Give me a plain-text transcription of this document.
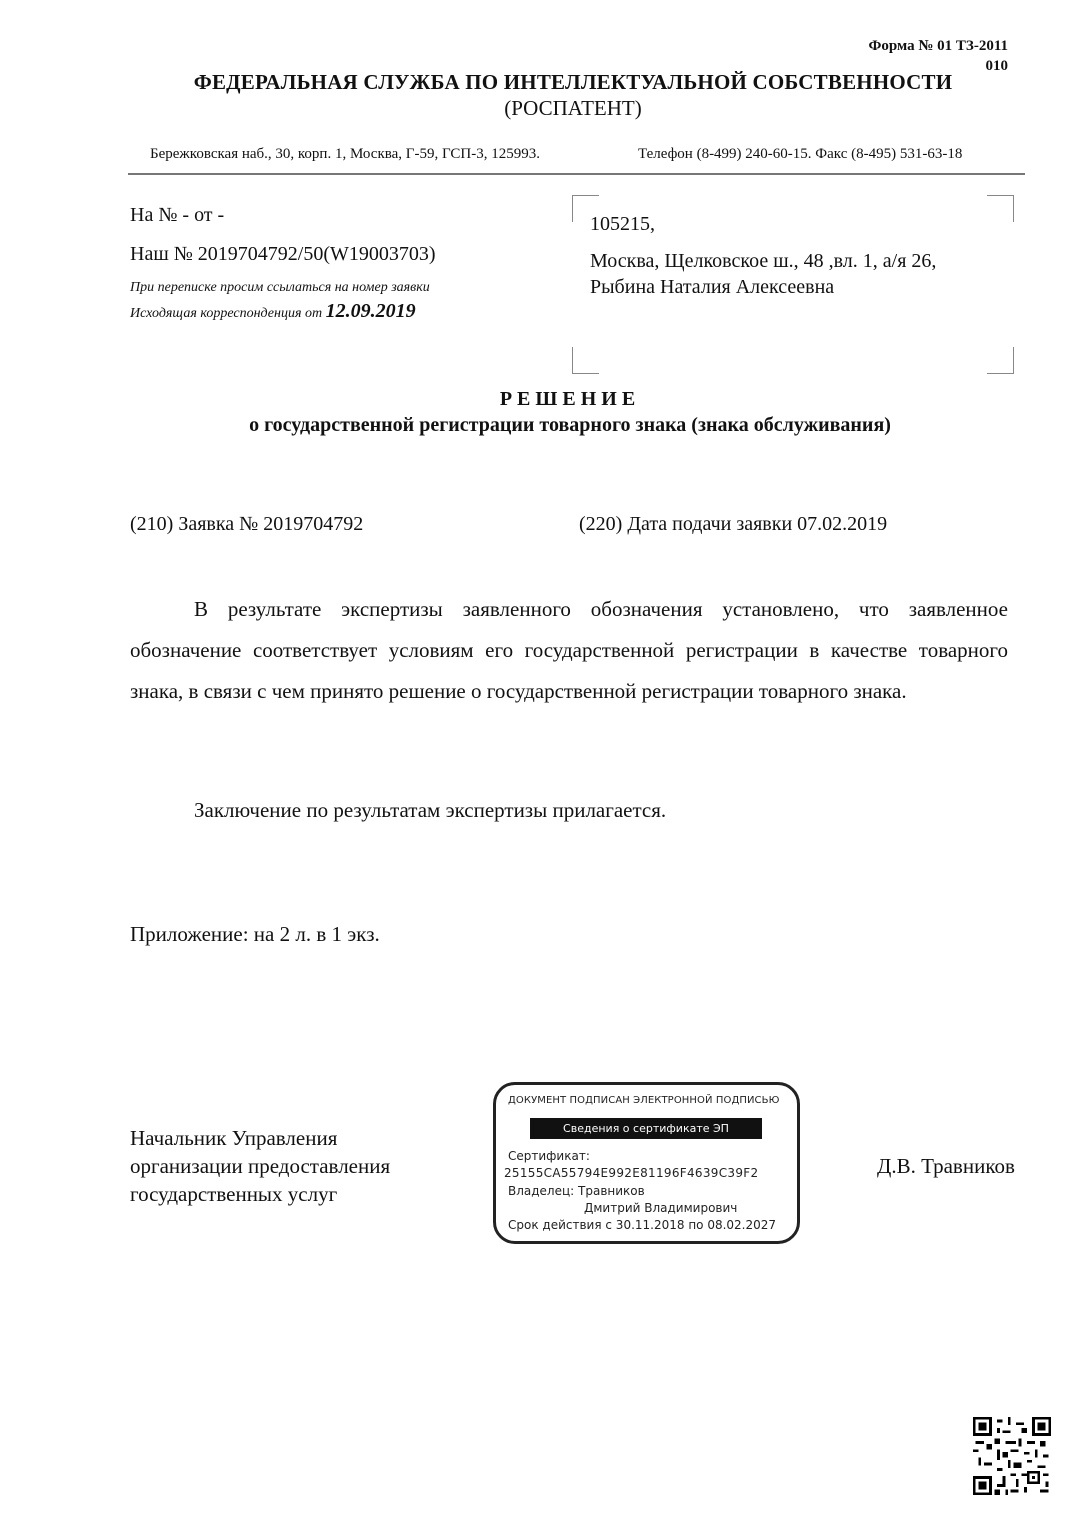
Форма № 01 ТЗ-2011
010
ФЕДЕРАЛЬНАЯ СЛУЖБА ПО ИНТЕЛЛЕКТУАЛЬНОЙ СОБСТВЕННОСТИ
(РОСПАТЕНТ)
Бережковская наб., 30, корп. 1, Москва, Г-59, ГСП-3, 125993.	Телефон (8-499) 240-60-15. Факс (8-495) 531-63-18
На № - от -
Наш № 2019704792/50(W19003703)
При переписке просим ссылаться на номер заявки
Исходящая корреспонденция от 12.09.2019
105215,
Москва, Щелковское ш., 48 ,вл. 1, а/я 26,
Рыбина Наталия Алексеевна
РЕШЕНИЕ
о государственной регистрации товарного знака (знака обслуживания)
(210) Заявка № 2019704792	(220) Дата подачи заявки 07.02.2019
В результате экспертизы заявленного обозначения установлено, что заявленное обозначение соответствует условиям его государственной регистрации в качестве товарного знака, в связи с чем принято решение о государственной регистрации товарного знака.
Заключение по результатам экспертизы прилагается.
Приложение: на 2 л. в 1 экз.
Начальник Управления
организации предоставления
государственных услуг
Д.В. Травников
ДОКУМЕНТ ПОДПИСАН ЭЛЕКТРОННОЙ ПОДПИСЬЮ
Сведения о сертификате ЭП
Сертификат:
25155CA55794E992E81196F4639C39F2
Владелец: Травников
Дмитрий Владимирович
Срок действия с 30.11.2018 по 08.02.2027
